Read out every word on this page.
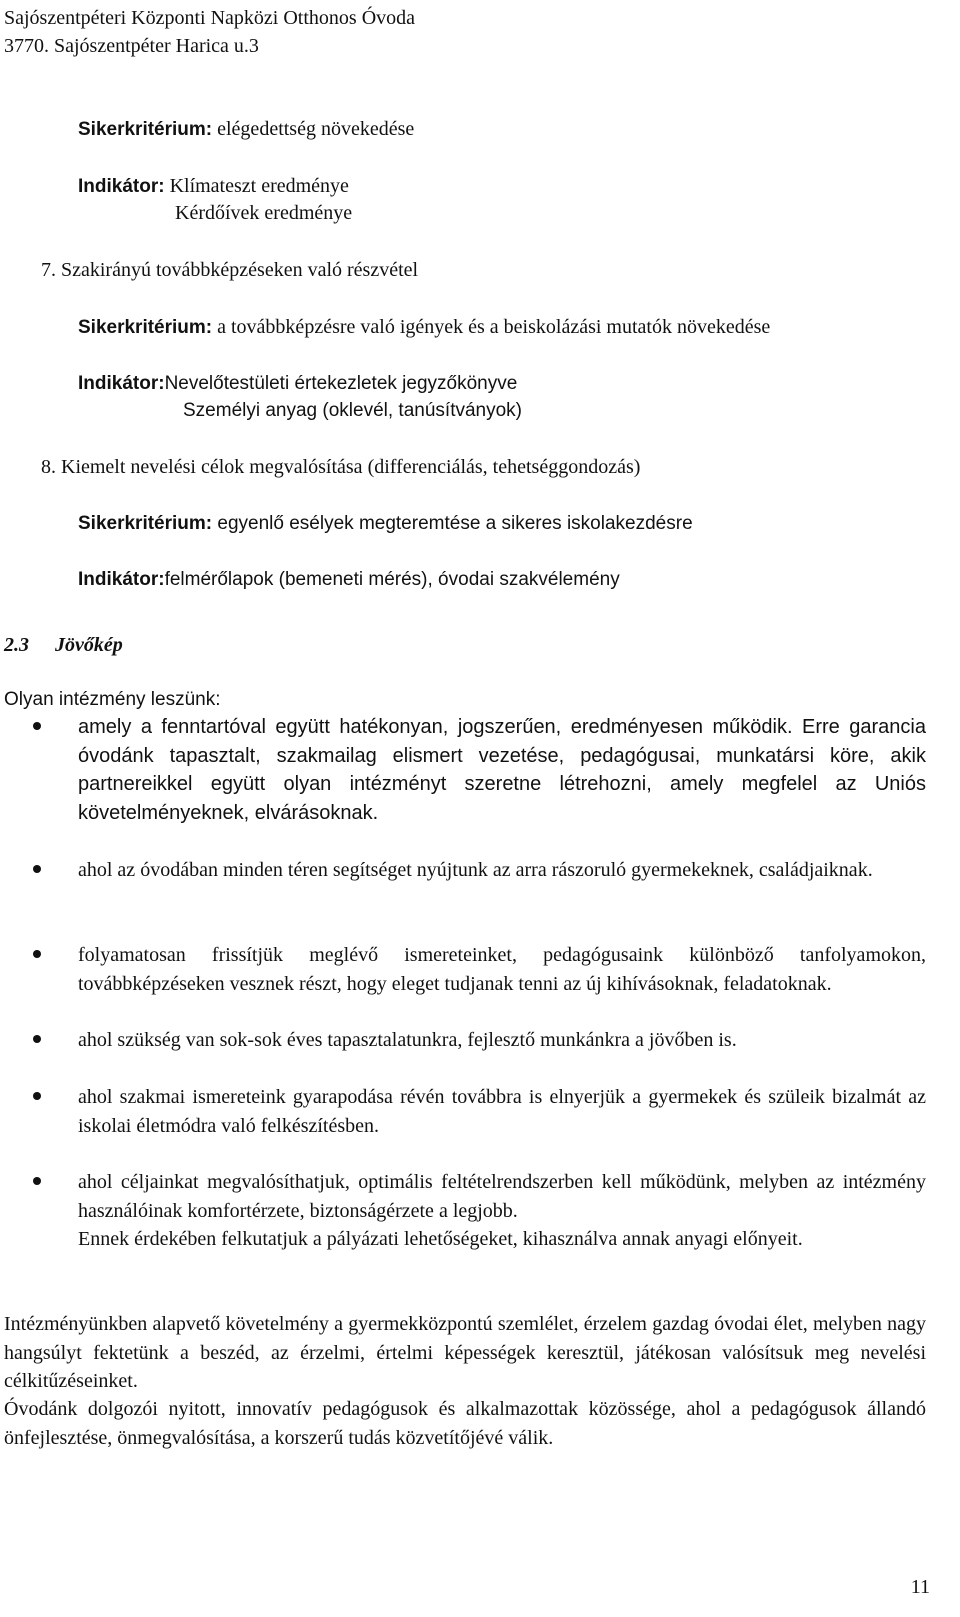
Sajószentpéteri Központi Napközi Otthonos Óvoda
3770. Sajószentpéter Harica u.3
Sikerkritérium: elégedettség növekedése
Indikátor: Klímateszt eredménye
Kérdőívek eredménye
7. Szakirányú továbbképzéseken való részvétel
Sikerkritérium: a továbbképzésre való igények és a beiskolázási mutatók növekedése
Indikátor:Nevelőtestületi értekezletek jegyzőkönyve
Személyi anyag (oklevél, tanúsítványok)
8. Kiemelt nevelési célok megvalósítása (differenciálás, tehetséggondozás)
Sikerkritérium: egyenlő esélyek megteremtése a sikeres iskolakezdésre
Indikátor:felmérőlapok (bemeneti mérés), óvodai szakvélemény
2.3 Jövőkép
Olyan intézmény leszünk:
amely a fenntartóval együtt hatékonyan, jogszerűen, eredményesen működik. Erre garancia óvodánk tapasztalt, szakmailag elismert vezetése, pedagógusai, munkatársi köre, akik partnereikkel együtt olyan intézményt szeretne létrehozni, amely megfelel az Uniós követelményeknek, elvárásoknak.
ahol az óvodában minden téren segítséget nyújtunk az arra rászoruló gyermekeknek, családjaiknak.
folyamatosan frissítjük meglévő ismereteinket, pedagógusaink különböző tanfolyamokon, továbbképzéseken vesznek részt, hogy eleget tudjanak tenni az új kihívásoknak, feladatoknak.
ahol szükség van sok-sok éves tapasztalatunkra, fejlesztő munkánkra a jövőben is.
ahol szakmai ismereteink gyarapodása révén továbbra is elnyerjük a gyermekek és szüleik bizalmát az iskolai életmódra való felkészítésben.
ahol céljainkat megvalósíthatjuk, optimális feltételrendszerben kell működünk, melyben az intézmény használóinak komfortérzete, biztonságérzete a legjobb.
Ennek érdekében felkutatjuk a pályázati lehetőségeket, kihasználva annak anyagi előnyeit.
Intézményünkben alapvető követelmény a gyermekközpontú szemlélet, érzelem gazdag óvodai élet, melyben nagy hangsúlyt fektetünk a beszéd, az érzelmi, értelmi képességek keresztül, játékosan valósítsuk meg nevelési célkitűzéseinket.
Óvodánk dolgozói nyitott, innovatív pedagógusok és alkalmazottak közössége, ahol a pedagógusok állandó önfejlesztése, önmegvalósítása, a korszerű tudás közvetítőjévé válik.
11
